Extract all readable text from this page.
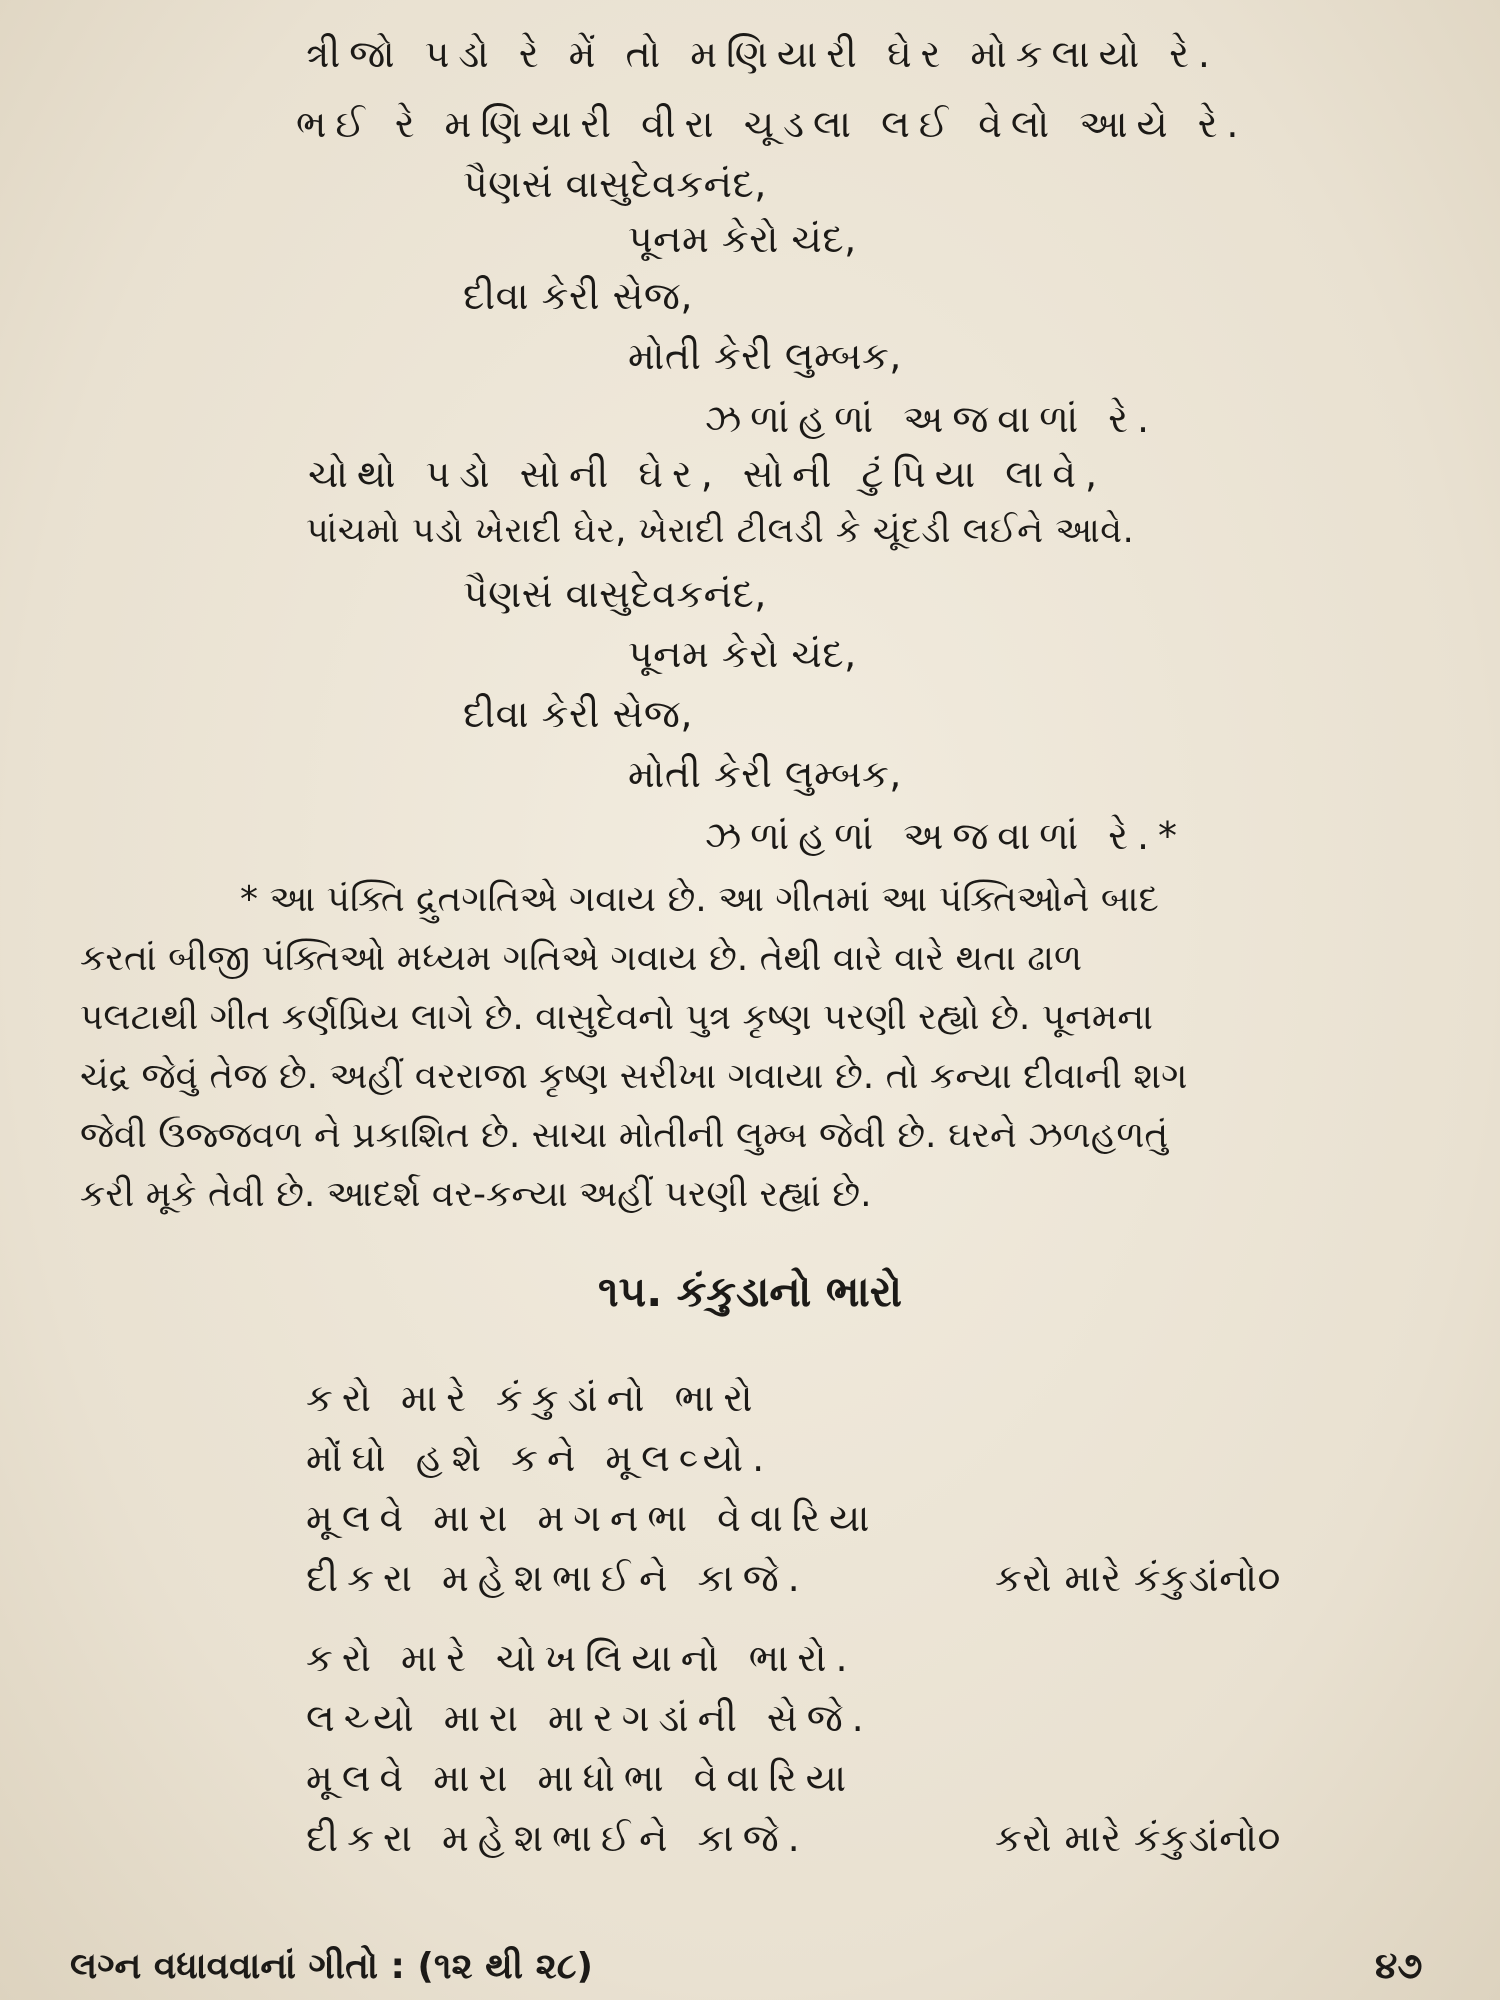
ત્રીજો પડો રે મેં તો મણિયારી ઘેર મોકલાયો રે.
ભઈ રે મણિયારી વીરા ચૂડલા લઈ વેલો આયે રે.
પૈણસં વાસુદેવકનંદ,
પૂનમ કેરો ચંદ,
દીવા કેરી સેજ,
મોતી કેરી લુમ્બક,
ઝળાંહળાં અજવાળાં રે.
ચોથો પડો સોની ઘેર, સોની ટુંપિયા લાવે,
પાંચમો પડો ખેરાદી ઘેર, ખેરાદી ટીલડી કે ચૂંદડી લઈને આવે.
પૈણસં વાસુદેવકનંદ,
પૂનમ કેરો ચંદ,
દીવા કેરી સેજ,
મોતી કેરી લુમ્બક,
ઝળાંહળાં અજવાળાં રે.*

* આ પંક્તિ દ્રુતગતિએ ગવાય છે. આ ગીતમાં આ પંક્તિઓને બાદ

કરતાં બીજી પંક્તિઓ મધ્યમ ગતિએ ગવાય છે. તેથી વારે વારે થતા ઢાળ

પલટાથી ગીત કર્ણપ્રિય લાગે છે. વાસુદેવનો પુત્ર કૃષ્ણ પરણી રહ્યો છે. પૂનમના

ચંદ્ર જેવું તેજ છે. અહીં વરરાજા કૃષ્ણ સરીખા ગવાયા છે. તો કન્યા દીવાની શગ

જેવી ઉજ્જવળ ને પ્રકાશિત છે. સાચા મોતીની લુમ્બ જેવી છે. ઘરને ઝળહળતું

કરી મૂકે તેવી છે. આદર્શ વર-કન્યા અહીં પરણી રહ્યાં છે.

૧૫. કંકુડાનો ભારો
કરો મારે કંકુડાંનો ભારો
મોંઘો હશે કને મૂલવ્યો.
મૂલવે મારા મગનભા વેવારિયા
દીકરા મહેશભાઈને કાજે.	કરો મારે કંકુડાંનો૦
કરો મારે ચોખલિયાનો ભારો.
લચ્યો મારા મારગડાંની સેજે.
મૂલવે મારા માધોભા વેવારિયા
દીકરા મહેશભાઈને કાજે.	કરો મારે કંકુડાંનો૦
લગ્ન વધાવવાનાં ગીતો : (૧૨ થી ૨૮)	૪૭
